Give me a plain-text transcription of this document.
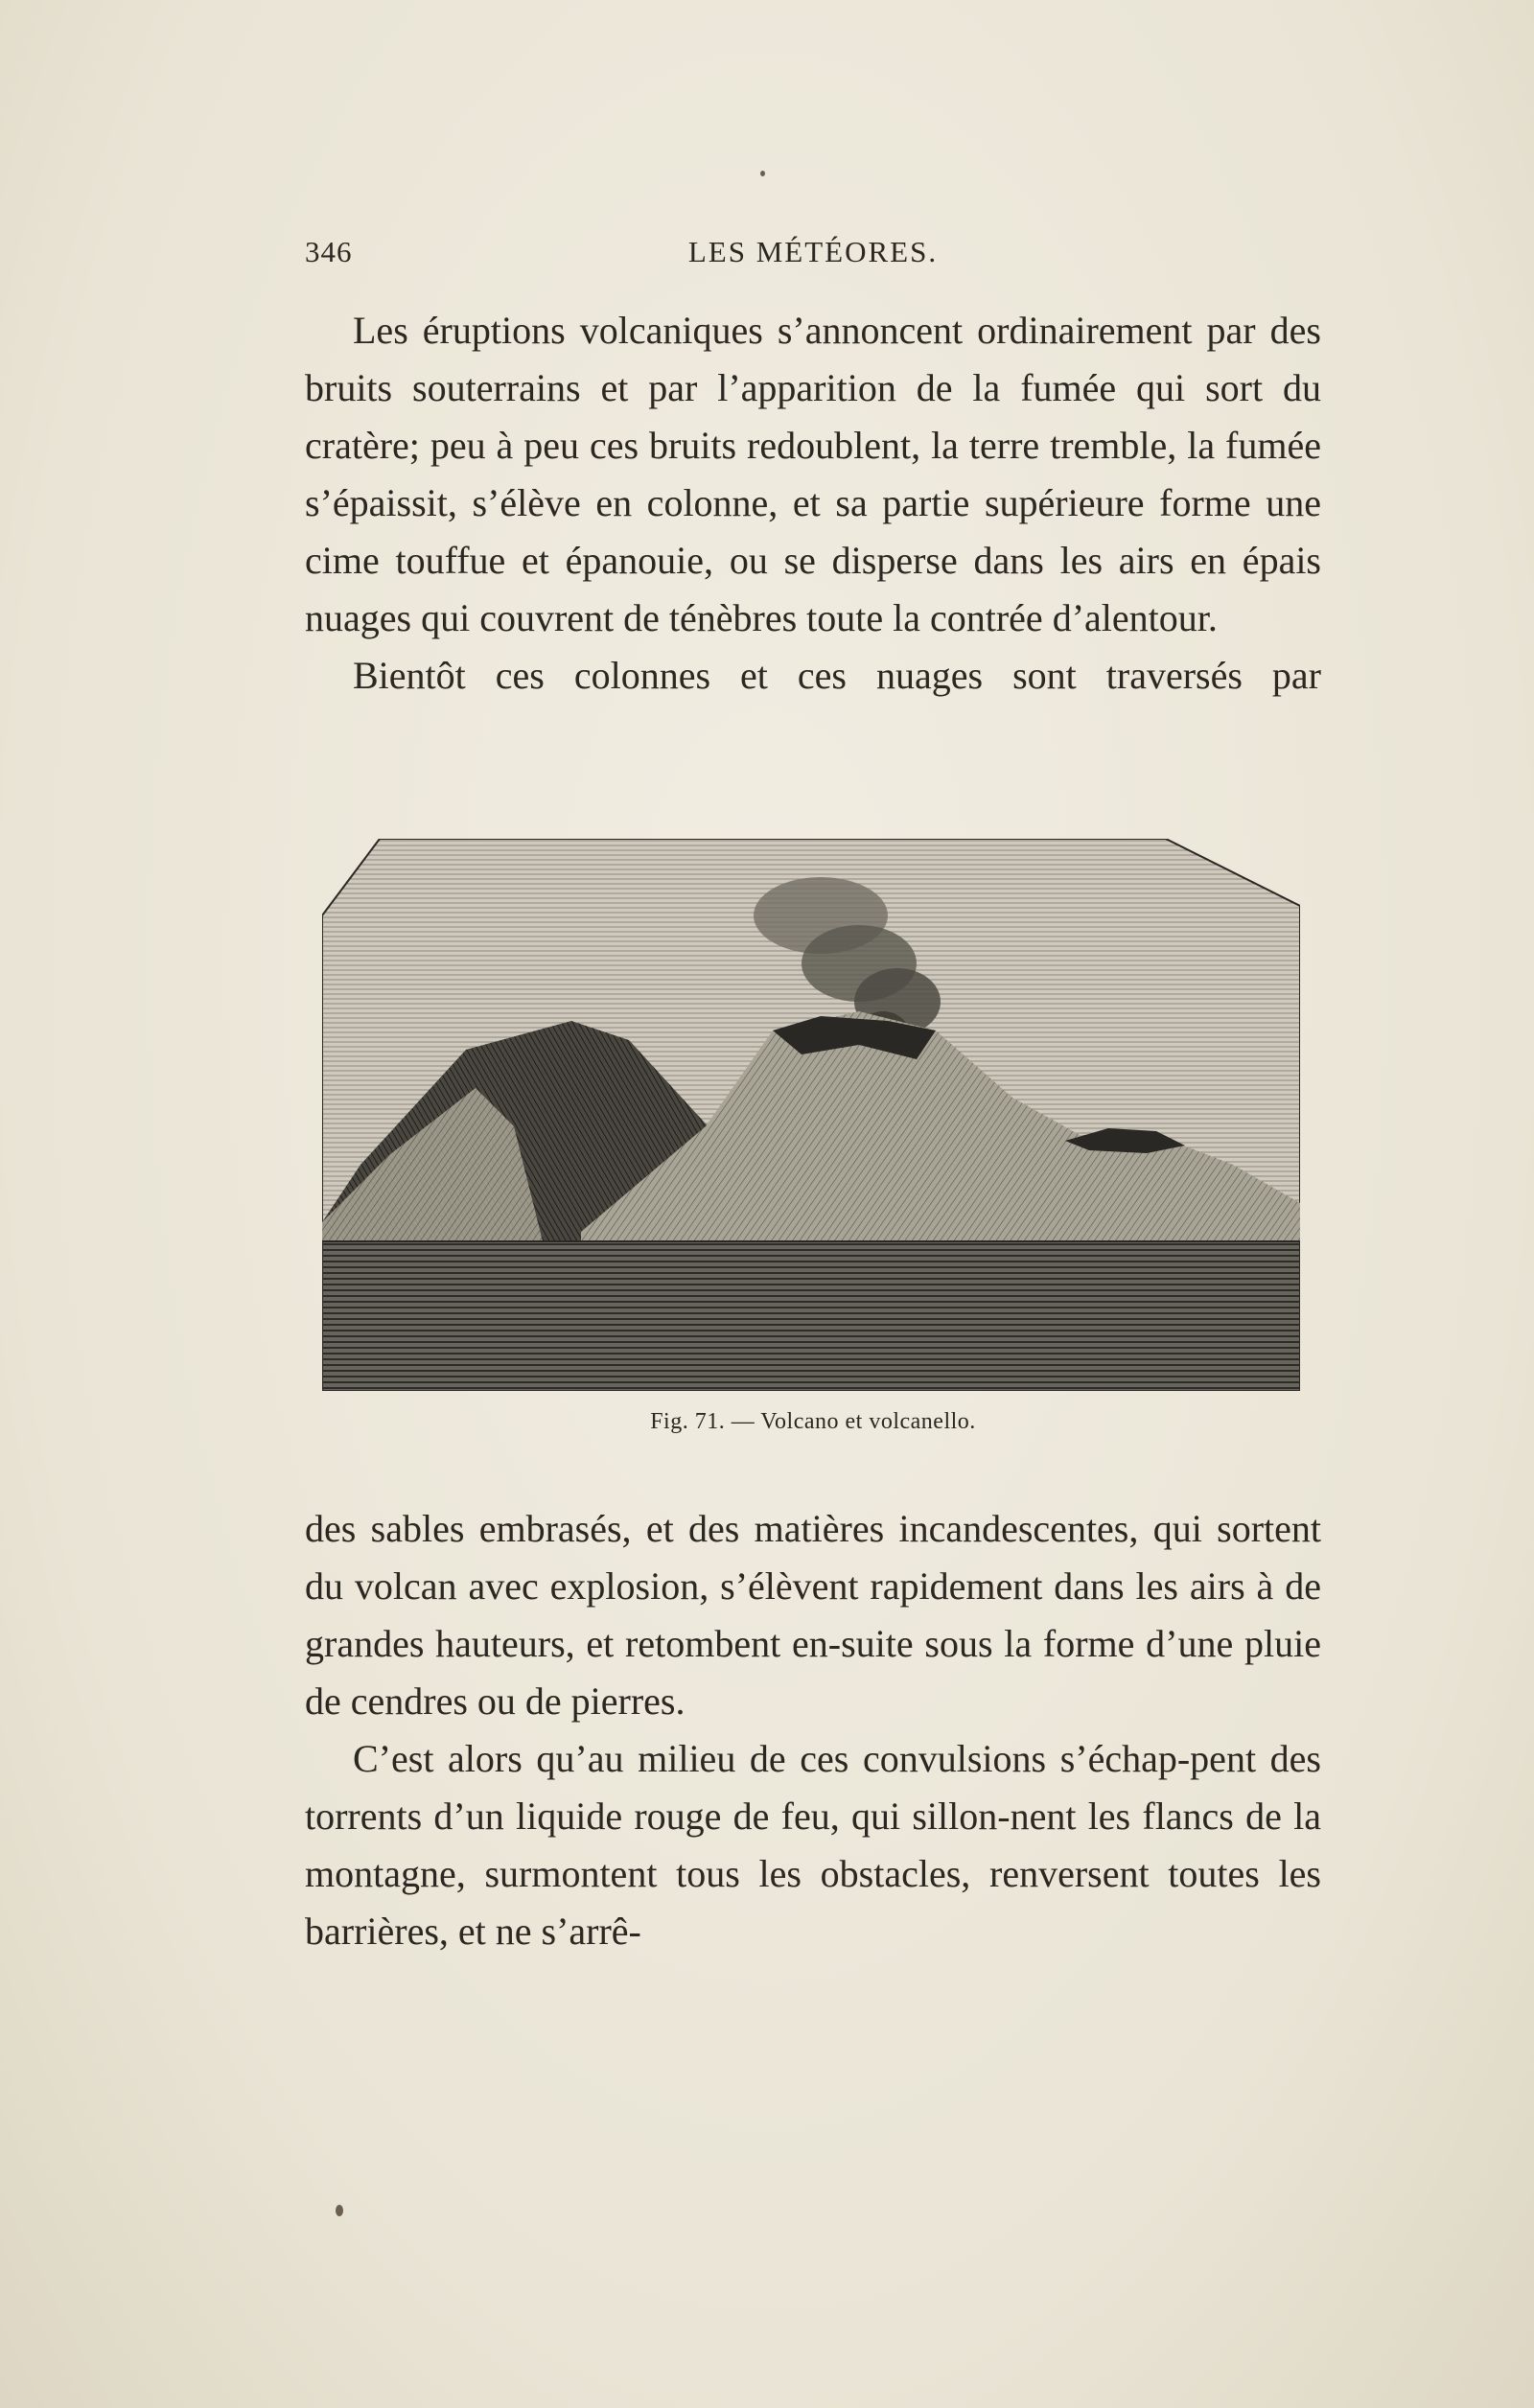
LES MÉTÉORES.
346

Les éruptions volcaniques s’annoncent ordinairement par des bruits souterrains et par l’apparition de la fumée qui sort du cratère; peu à peu ces bruits redoublent, la terre tremble, la fumée s’épaissit, s’élève en colonne, et sa partie supérieure forme une cime touffue et épanouie, ou se disperse dans les airs en épais nuages qui couvrent de ténèbres toute la contrée d’alentour.

Bientôt ces colonnes et ces nuages sont traversés par

Fig. 71. — Volcano et volcanello.

des sables embrasés, et des matières incandescentes, qui sortent du volcan avec explosion, s’élèvent rapidement dans les airs à de grandes hauteurs, et retombent en-suite sous la forme d’une pluie de cendres ou de pierres.

C’est alors qu’au milieu de ces convulsions s’échap-pent des torrents d’un liquide rouge de feu, qui sillon-nent les flancs de la montagne, surmontent tous les obstacles, renversent toutes les barrières, et ne s’arrê-
